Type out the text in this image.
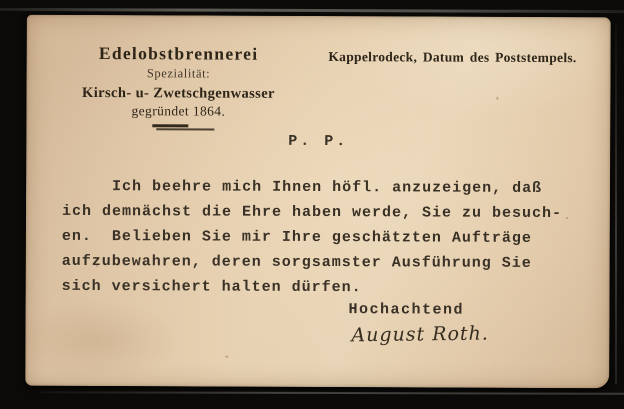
Edelobstbrennerei
Spezialität:
Kirsch- u- Zwetschgenwasser
gegründet 1864.
Kappelrodeck, Datum des Poststempels.
P. P.
Ich beehre mich Ihnen höfl. anzuzeigen, daß
ich demnächst die Ehre haben werde, Sie zu besuch-
en.  Belieben Sie mir Ihre geschätzten Aufträge
aufzubewahren, deren sorgsamster Ausführung Sie
sich versichert halten dürfen.
Hochachtend
August Roth.
